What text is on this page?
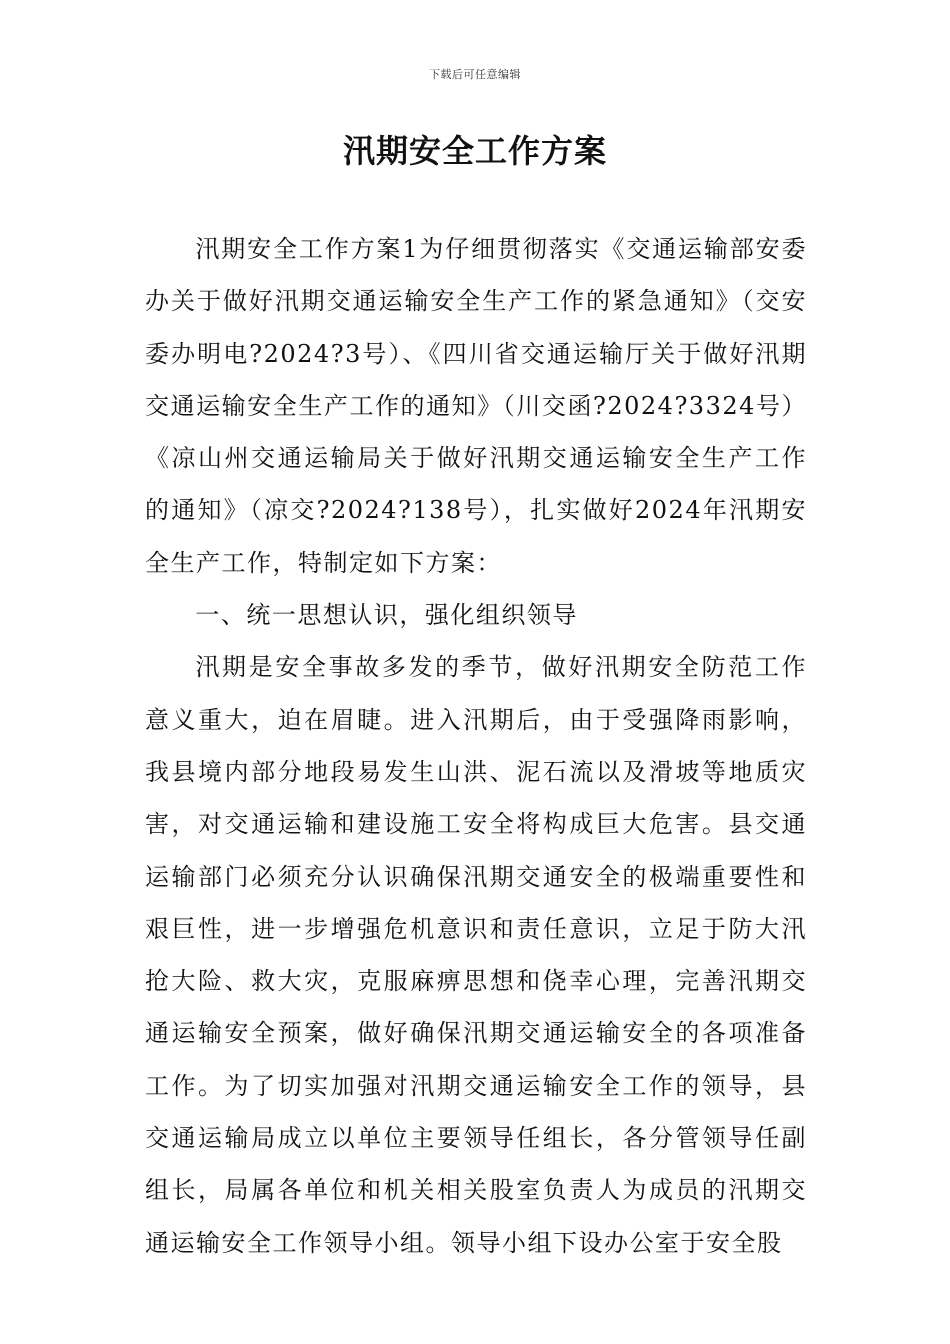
下载后可任意编辑
汛期安全工作方案

汛期安全工作方案1为仔细贯彻落实《交通运输部安委办关于做好汛期交通运输安全生产工作的紧急通知》（交安委办明电?2024?3号）、《四川省交通运输厅关于做好汛期交通运输安全生产工作的通知》（川交函?2024?3324号）《凉山州交通运输局关于做好汛期交通运输安全生产工作的通知》（凉交?2024?138号），扎实做好2024年汛期安全生产工作，特制定如下方案：

一、统一思想认识，强化组织领导

汛期是安全事故多发的季节，做好汛期安全防范工作意义重大，迫在眉睫。进入汛期后，由于受强降雨影响，我县境内部分地段易发生山洪、泥石流以及滑坡等地质灾害，对交通运输和建设施工安全将构成巨大危害。县交通运输部门必须充分认识确保汛期交通安全的极端重要性和艰巨性，进一步增强危机意识和责任意识，立足于防大汛抢大险、救大灾，克服麻痹思想和侥幸心理，完善汛期交通运输安全预案，做好确保汛期交通运输安全的各项准备工作。为了切实加强对汛期交通运输安全工作的领导，县交通运输局成立以单位主要领导任组长，各分管领导任副组长，局属各单位和机关相关股室负责人为成员的汛期交通运输安全工作领导小组。领导小组下设办公室于安全股
